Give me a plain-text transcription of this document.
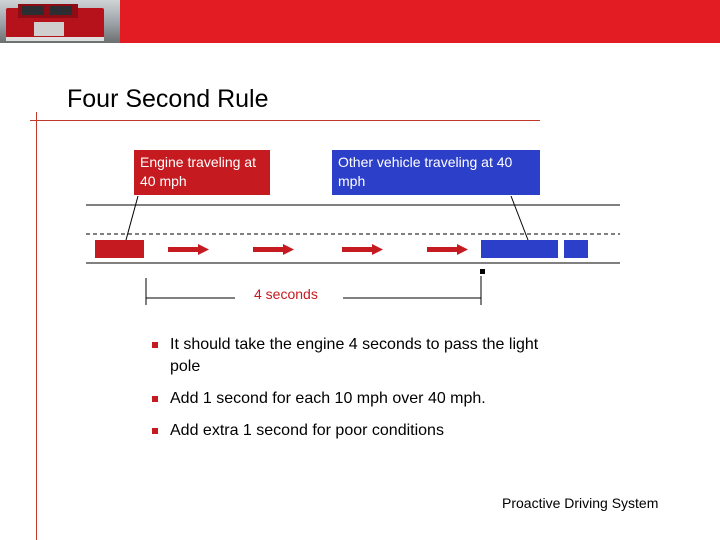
Four Second Rule
Engine traveling at 40 mph
Other vehicle traveling at 40 mph
4 seconds
It should take the engine 4 seconds to pass the light pole
Add 1 second for each 10 mph over 40 mph.
Add extra 1 second for poor conditions
Proactive Driving System
